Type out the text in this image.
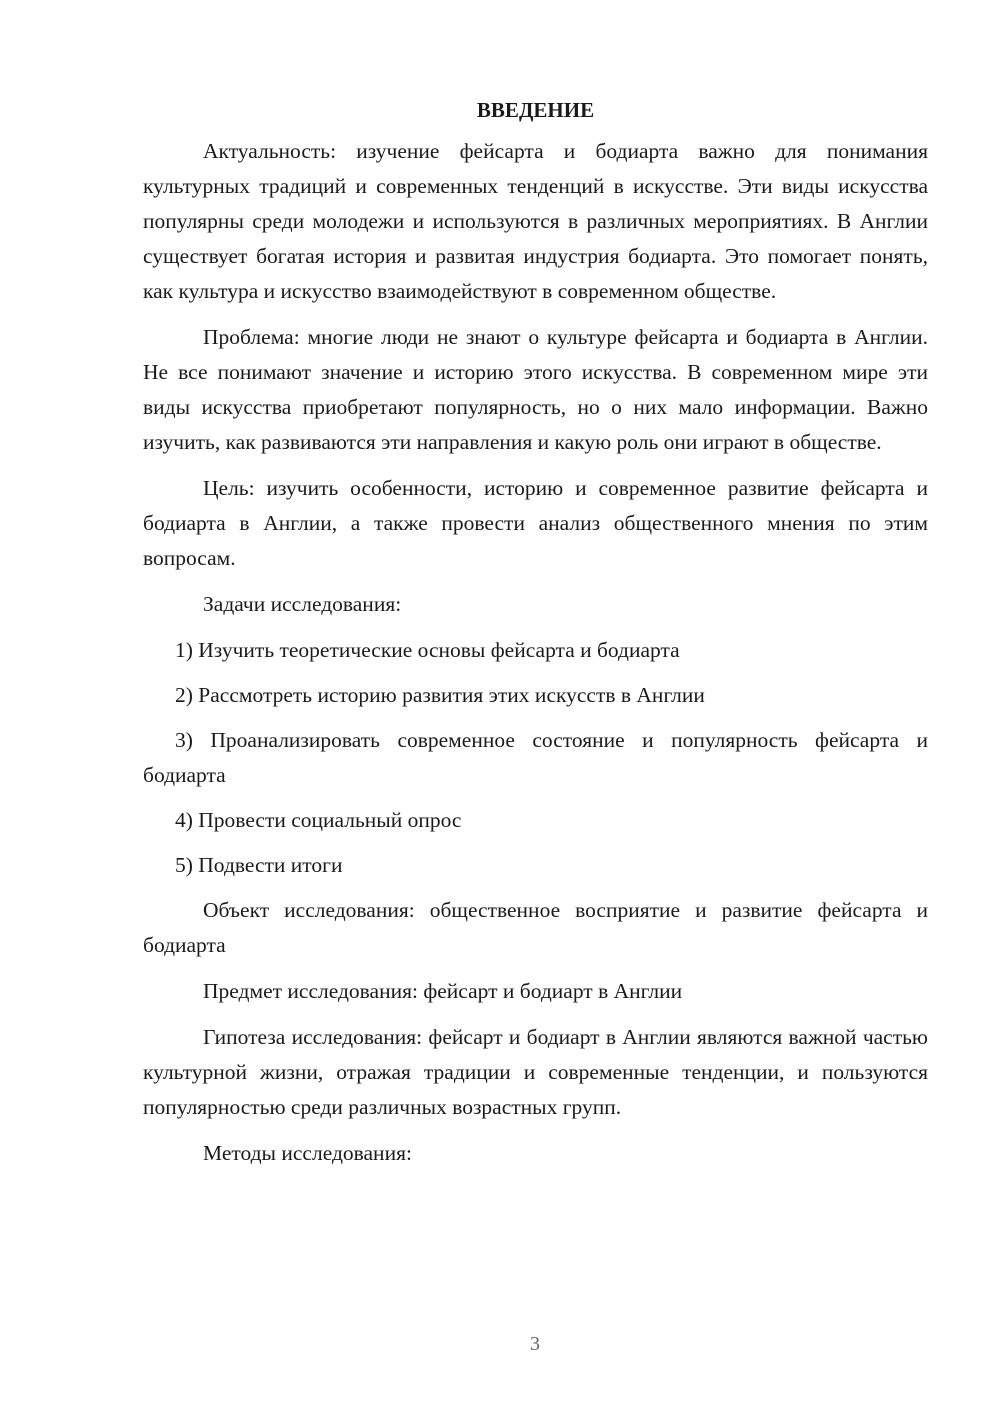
ВВЕДЕНИЕ

Актуальность: изучение фейсарта и бодиарта важно для понимания культурных традиций и современных тенденций в искусстве. Эти виды искусства популярны среди молодежи и используются в различных мероприятиях. В Англии существует богатая история и развитая индустрия бодиарта. Это помогает понять, как культура и искусство взаимодействуют в современном обществе.

Проблема: многие люди не знают о культуре фейсарта и бодиарта в Англии. Не все понимают значение и историю этого искусства. В современном мире эти виды искусства приобретают популярность, но о них мало информации. Важно изучить, как развиваются эти направления и какую роль они играют в обществе.

Цель: изучить особенности, историю и современное развитие фейсарта и бодиарта в Англии, а также провести анализ общественного мнения по этим вопросам.

Задачи исследования:

1) Изучить теоретические основы фейсарта и бодиарта

2) Рассмотреть историю развития этих искусств в Англии

3) Проанализировать современное состояние и популярность фейсарта и бодиарта

4) Провести социальный опрос

5) Подвести итоги

Объект исследования: общественное восприятие и развитие фейсарта и бодиарта

Предмет исследования: фейсарт и бодиарт в Англии

Гипотеза исследования: фейсарт и бодиарт в Англии являются важной частью культурной жизни, отражая традиции и современные тенденции, и пользуются популярностью среди различных возрастных групп.

Методы исследования:

3
